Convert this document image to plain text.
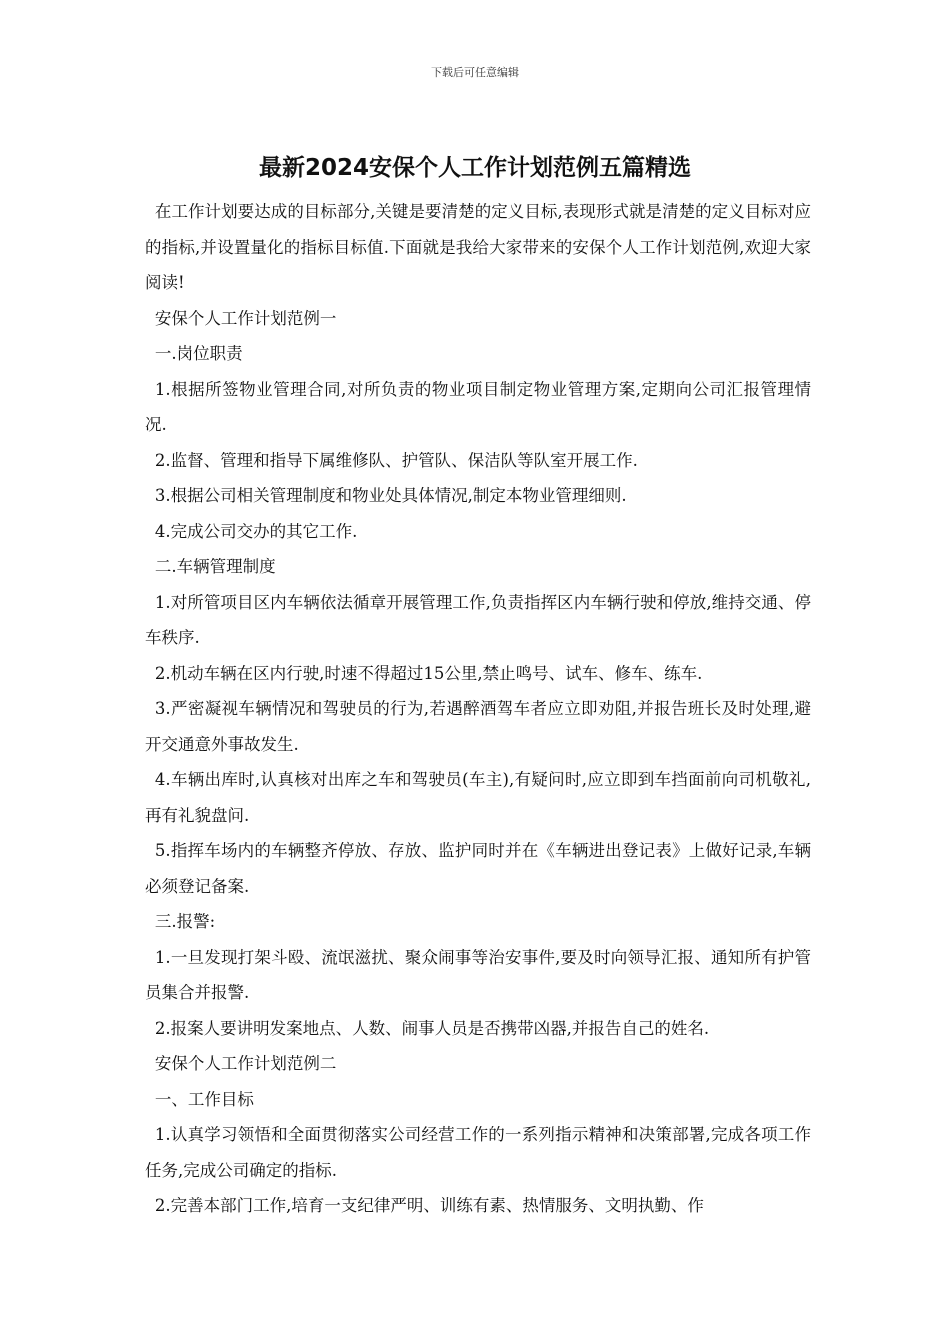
下载后可任意编辑
最新2024安保个人工作计划范例五篇精选

在工作计划要达成的目标部分,关键是要清楚的定义目标,表现形式就是清楚的定义目标对应的指标,并设置量化的指标目标值.下面就是我给大家带来的安保个人工作计划范例,欢迎大家阅读!

安保个人工作计划范例一

一.岗位职责

1.根据所签物业管理合同,对所负责的物业项目制定物业管理方案,定期向公司汇报管理情况.

2.监督、管理和指导下属维修队、护管队、保洁队等队室开展工作.

3.根据公司相关管理制度和物业处具体情况,制定本物业管理细则.

4.完成公司交办的其它工作.

二.车辆管理制度

1.对所管项目区内车辆依法循章开展管理工作,负责指挥区内车辆行驶和停放,维持交通、停车秩序.

2.机动车辆在区内行驶,时速不得超过15公里,禁止鸣号、试车、修车、练车.

3.严密凝视车辆情况和驾驶员的行为,若遇醉酒驾车者应立即劝阻,并报告班长及时处理,避开交通意外事故发生.

4.车辆出库时,认真核对出库之车和驾驶员(车主),有疑问时,应立即到车挡面前向司机敬礼,再有礼貌盘问.

5.指挥车场内的车辆整齐停放、存放、监护同时并在《车辆进出登记表》上做好记录,车辆必须登记备案.

三.报警:

1.一旦发现打架斗殴、流氓滋扰、聚众闹事等治安事件,要及时向领导汇报、通知所有护管员集合并报警.

2.报案人要讲明发案地点、人数、闹事人员是否携带凶器,并报告自己的姓名.

安保个人工作计划范例二

一、工作目标

1.认真学习领悟和全面贯彻落实公司经营工作的一系列指示精神和决策部署,完成各项工作任务,完成公司确定的指标.

2.完善本部门工作,培育一支纪律严明、训练有素、热情服务、文明执勤、作
